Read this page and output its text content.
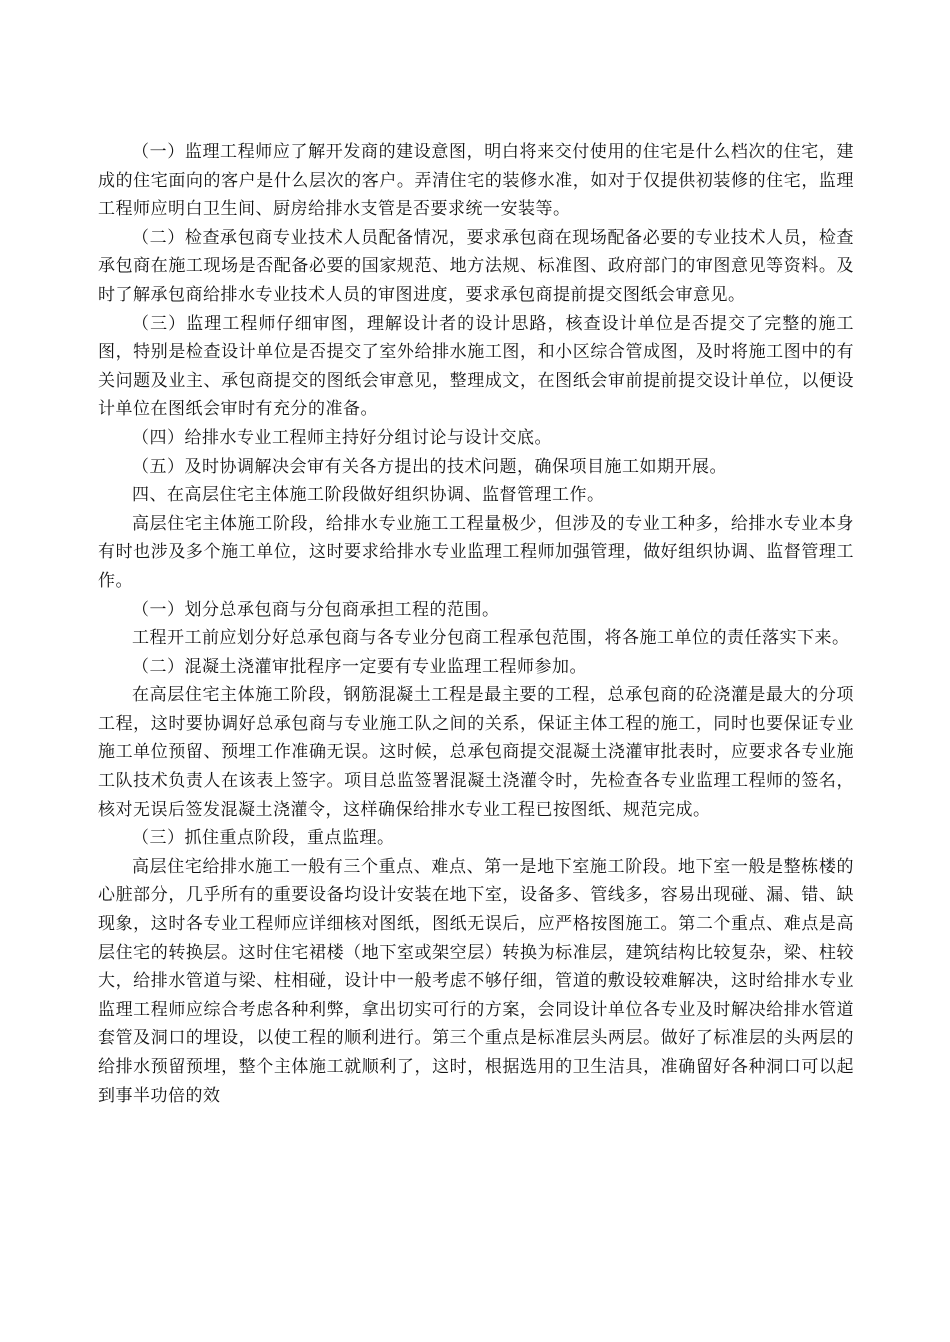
（一）监理工程师应了解开发商的建设意图，明白将来交付使用的住宅是什么档次的住宅，建成的住宅面向的客户是什么层次的客户。弄清住宅的装修水准，如对于仅提供初装修的住宅，监理工程师应明白卫生间、厨房给排水支管是否要求统一安装等。

（二）检查承包商专业技术人员配备情况，要求承包商在现场配备必要的专业技术人员，检查承包商在施工现场是否配备必要的国家规范、地方法规、标准图、政府部门的审图意见等资料。及时了解承包商给排水专业技术人员的审图进度，要求承包商提前提交图纸会审意见。

（三）监理工程师仔细审图，理解设计者的设计思路，核查设计单位是否提交了完整的施工图，特别是检查设计单位是否提交了室外给排水施工图，和小区综合管成图，及时将施工图中的有关问题及业主、承包商提交的图纸会审意见，整理成文，在图纸会审前提前提交设计单位，以便设计单位在图纸会审时有充分的准备。

（四）给排水专业工程师主持好分组讨论与设计交底。

（五）及时协调解决会审有关各方提出的技术问题，确保项目施工如期开展。

四、在高层住宅主体施工阶段做好组织协调、监督管理工作。

高层住宅主体施工阶段，给排水专业施工工程量极少，但涉及的专业工种多，给排水专业本身有时也涉及多个施工单位，这时要求给排水专业监理工程师加强管理，做好组织协调、监督管理工作。

（一）划分总承包商与分包商承担工程的范围。

工程开工前应划分好总承包商与各专业分包商工程承包范围，将各施工单位的责任落实下来。

（二）混凝土浇灌审批程序一定要有专业监理工程师参加。

在高层住宅主体施工阶段，钢筋混凝土工程是最主要的工程，总承包商的砼浇灌是最大的分项工程，这时要协调好总承包商与专业施工队之间的关系，保证主体工程的施工，同时也要保证专业施工单位预留、预埋工作准确无误。这时候，总承包商提交混凝土浇灌审批表时，应要求各专业施工队技术负责人在该表上签字。项目总监签署混凝土浇灌令时，先检查各专业监理工程师的签名，核对无误后签发混凝土浇灌令，这样确保给排水专业工程已按图纸、规范完成。

（三）抓住重点阶段，重点监理。

高层住宅给排水施工一般有三个重点、难点、第一是地下室施工阶段。地下室一般是整栋楼的心脏部分，几乎所有的重要设备均设计安装在地下室，设备多、管线多，容易出现碰、漏、错、缺现象，这时各专业工程师应详细核对图纸，图纸无误后，应严格按图施工。第二个重点、难点是高层住宅的转换层。这时住宅裙楼（地下室或架空层）转换为标准层，建筑结构比较复杂，梁、柱较大，给排水管道与梁、柱相碰，设计中一般考虑不够仔细，管道的敷设较难解决，这时给排水专业监理工程师应综合考虑各种利弊，拿出切实可行的方案，会同设计单位各专业及时解决给排水管道套管及洞口的埋设，以使工程的顺利进行。第三个重点是标准层头两层。做好了标准层的头两层的给排水预留预埋，整个主体施工就顺利了，这时，根据选用的卫生洁具，准确留好各种洞口可以起到事半功倍的效
